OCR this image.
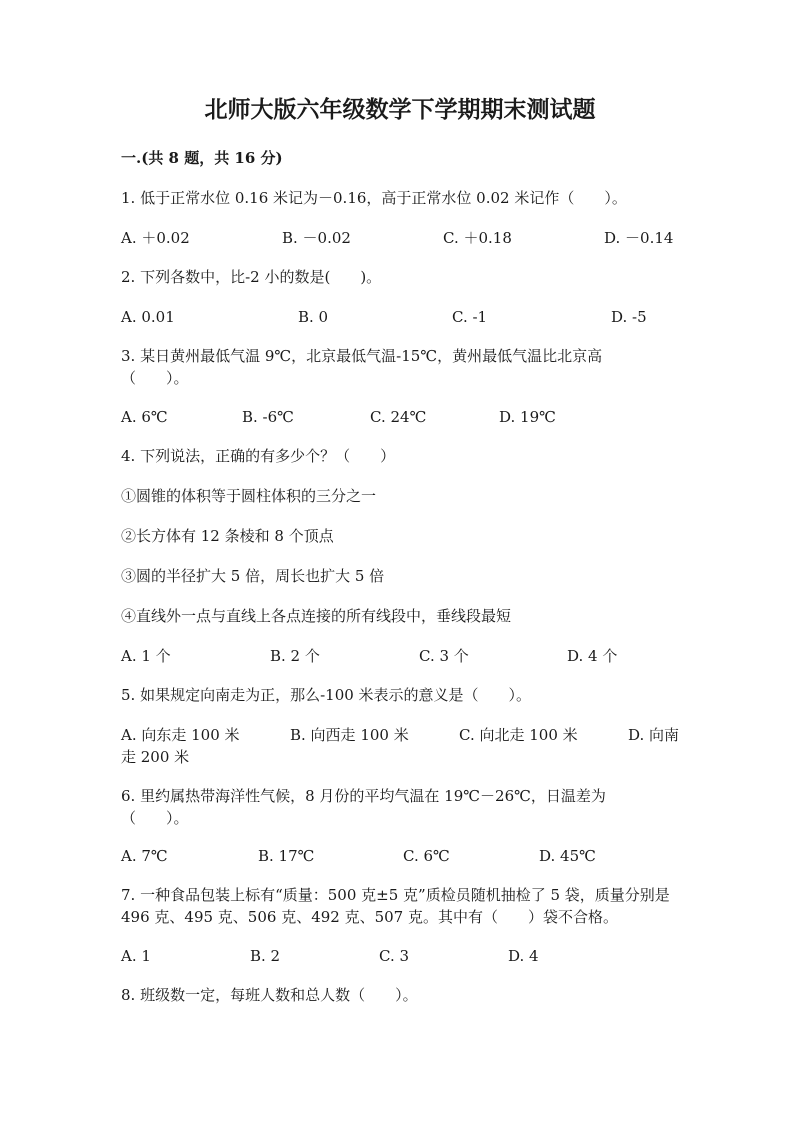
北师大版六年级数学下学期期末测试题
一.(共 8 题，共 16 分)
1. 低于正常水位 0.16 米记为－0.16，高于正常水位 0.02 米记作（　　）。
A. ＋0.02	B. －0.02	C. ＋0.18	D. －0.14
2. 下列各数中，比-2 小的数是(　　)。
A. 0.01	B. 0	C. -1	D. -5
3. 某日黄州最低气温 9℃，北京最低气温-15℃，黄州最低气温比北京高（　　）。
A. 6℃	B. -6℃	C. 24℃	D. 19℃
4. 下列说法，正确的有多少个？（　　）
①圆锥的体积等于圆柱体积的三分之一
②长方体有 12 条棱和 8 个顶点
③圆的半径扩大 5 倍，周长也扩大 5 倍
④直线外一点与直线上各点连接的所有线段中，垂线段最短
A. 1 个	B. 2 个	C. 3 个	D. 4 个
5. 如果规定向南走为正，那么-100 米表示的意义是（　　）。
A. 向东走 100 米	B. 向西走 100 米	C. 向北走 100 米	D. 向南走 200 米
6. 里约属热带海洋性气候，8 月份的平均气温在 19℃－26℃，日温差为（　　）。
A. 7℃	B. 17℃	C. 6℃	D. 45℃
7. 一种食品包装上标有“质量：500 克±5 克”质检员随机抽检了 5 袋，质量分别是 496 克、495 克、506 克、492 克、507 克。其中有（　　）袋不合格。
A. 1	B. 2	C. 3	D. 4
8. 班级数一定，每班人数和总人数（　　）。
